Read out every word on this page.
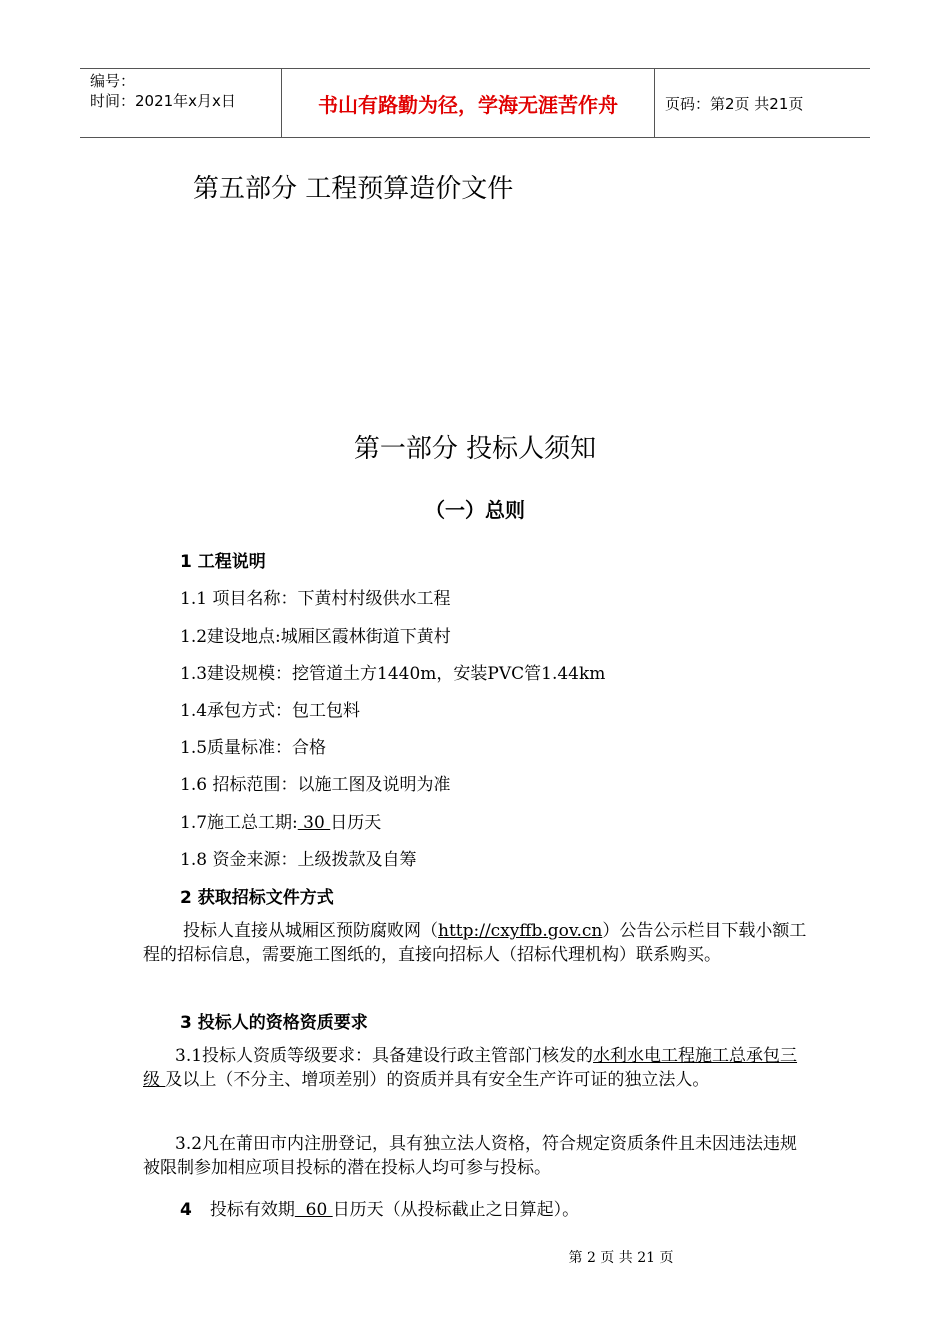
编号：
时间：2021年x月x日	书山有路勤为径，学海无涯苦作舟	页码：第2页 共21页
第五部分 工程预算造价文件
第一部分 投标人须知
（一）总则
1 工程说明
1.1 项目名称：下黄村村级供水工程
1.2建设地点:城厢区霞林街道下黄村
1.3建设规模：挖管道土方1440m，安装PVC管1.44km
1.4承包方式：包工包料
1.5质量标准：合格
1.6 招标范围：以施工图及说明为准
1.7施工总工期: 30 日历天
1.8 资金来源：上级拨款及自筹
2 获取招标文件方式
投标人直接从城厢区预防腐败网（http://cxyffb.gov.cn）公告公示栏目下载小额工程的招标信息，需要施工图纸的，直接向招标人（招标代理机构）联系购买。
3 投标人的资格资质要求
3.1投标人资质等级要求：具备建设行政主管部门核发的水利水电工程施工总承包三级 及以上（不分主、增项差别）的资质并具有安全生产许可证的独立法人。
3.2凡在莆田市内注册登记，具有独立法人资格，符合规定资质条件且未因违法违规被限制参加相应项目投标的潜在投标人均可参与投标。
4 投标有效期  60 日历天（从投标截止之日算起）。
第 2 页 共 21 页
